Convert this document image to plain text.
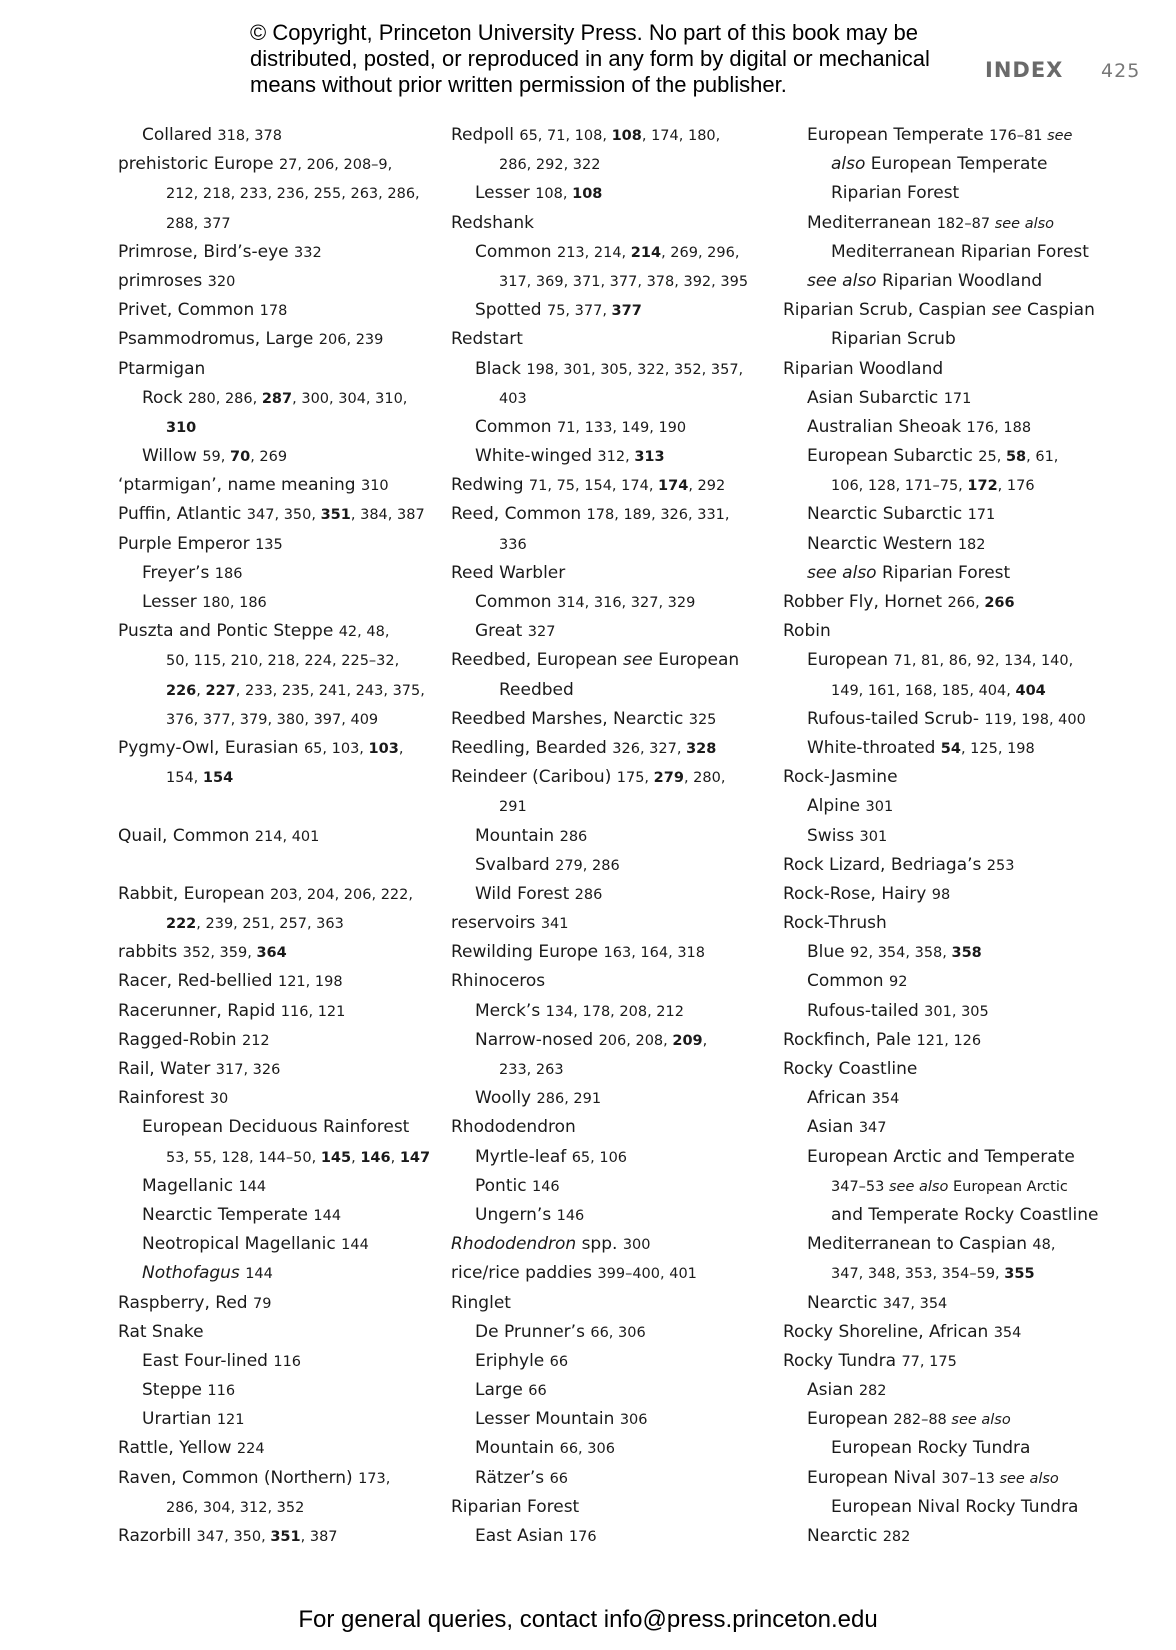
© Copyright, Princeton University Press. No part of this book may be
distributed, posted, or reproduced in any form by digital or mechanical
means without prior written permission of the publisher.
INDEX 425
Collared 318, 378
prehistoric Europe 27, 206, 208–9,
212, 218, 233, 236, 255, 263, 286,
288, 377
Primrose, Bird’s-eye 332
primroses 320
Privet, Common 178
Psammodromus, Large 206, 239
Ptarmigan
Rock 280, 286, 287, 300, 304, 310,
310
Willow 59, 70, 269
‘ptarmigan’, name meaning 310
Puffin, Atlantic 347, 350, 351, 384, 387
Purple Emperor 135
Freyer’s 186
Lesser 180, 186
Puszta and Pontic Steppe 42, 48,
50, 115, 210, 218, 224, 225–32,
226, 227, 233, 235, 241, 243, 375,
376, 377, 379, 380, 397, 409
Pygmy-Owl, Eurasian 65, 103, 103,
154, 154
Quail, Common 214, 401
Rabbit, European 203, 204, 206, 222,
222, 239, 251, 257, 363
rabbits 352, 359, 364
Racer, Red-bellied 121, 198
Racerunner, Rapid 116, 121
Ragged-Robin 212
Rail, Water 317, 326
Rainforest 30
European Deciduous Rainforest
53, 55, 128, 144–50, 145, 146, 147
Magellanic 144
Nearctic Temperate 144
Neotropical Magellanic 144
Nothofagus 144
Raspberry, Red 79
Rat Snake
East Four-lined 116
Steppe 116
Urartian 121
Rattle, Yellow 224
Raven, Common (Northern) 173,
286, 304, 312, 352
Razorbill 347, 350, 351, 387
Redpoll 65, 71, 108, 108, 174, 180,
286, 292, 322
Lesser 108, 108
Redshank
Common 213, 214, 214, 269, 296,
317, 369, 371, 377, 378, 392, 395
Spotted 75, 377, 377
Redstart
Black 198, 301, 305, 322, 352, 357,
403
Common 71, 133, 149, 190
White-winged 312, 313
Redwing 71, 75, 154, 174, 174, 292
Reed, Common 178, 189, 326, 331,
336
Reed Warbler
Common 314, 316, 327, 329
Great 327
Reedbed, European see European
Reedbed
Reedbed Marshes, Nearctic 325
Reedling, Bearded 326, 327, 328
Reindeer (Caribou) 175, 279, 280,
291
Mountain 286
Svalbard 279, 286
Wild Forest 286
reservoirs 341
Rewilding Europe 163, 164, 318
Rhinoceros
Merck’s 134, 178, 208, 212
Narrow-nosed 206, 208, 209,
233, 263
Woolly 286, 291
Rhododendron
Myrtle-leaf 65, 106
Pontic 146
Ungern’s 146
Rhododendron spp. 300
rice/rice paddies 399–400, 401
Ringlet
De Prunner’s 66, 306
Eriphyle 66
Large 66
Lesser Mountain 306
Mountain 66, 306
Rätzer’s 66
Riparian Forest
East Asian 176
European Temperate 176–81 see
also European Temperate
Riparian Forest
Mediterranean 182–87 see also
Mediterranean Riparian Forest
see also Riparian Woodland
Riparian Scrub, Caspian see Caspian
Riparian Scrub
Riparian Woodland
Asian Subarctic 171
Australian Sheoak 176, 188
European Subarctic 25, 58, 61,
106, 128, 171–75, 172, 176
Nearctic Subarctic 171
Nearctic Western 182
see also Riparian Forest
Robber Fly, Hornet 266, 266
Robin
European 71, 81, 86, 92, 134, 140,
149, 161, 168, 185, 404, 404
Rufous-tailed Scrub- 119, 198, 400
White-throated 54, 125, 198
Rock-Jasmine
Alpine 301
Swiss 301
Rock Lizard, Bedriaga’s 253
Rock-Rose, Hairy 98
Rock-Thrush
Blue 92, 354, 358, 358
Common 92
Rufous-tailed 301, 305
Rockfinch, Pale 121, 126
Rocky Coastline
African 354
Asian 347
European Arctic and Temperate
347–53 see also European Arctic
and Temperate Rocky Coastline
Mediterranean to Caspian 48,
347, 348, 353, 354–59, 355
Nearctic 347, 354
Rocky Shoreline, African 354
Rocky Tundra 77, 175
Asian 282
European 282–88 see also
European Rocky Tundra
European Nival 307–13 see also
European Nival Rocky Tundra
Nearctic 282
For general queries, contact info@press.princeton.edu
